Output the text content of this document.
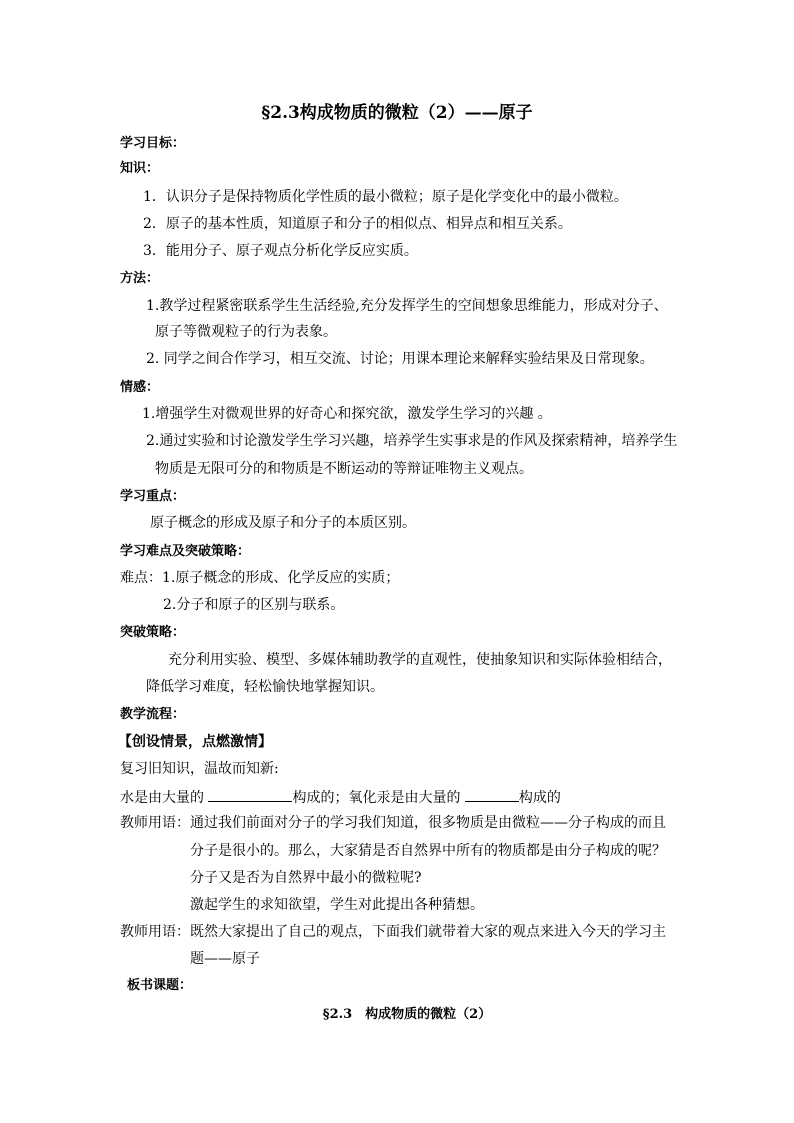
§2.3构成物质的微粒（2）——原子
学习目标：
知识：
1．认识分子是保持物质化学性质的最小微粒；原子是化学变化中的最小微粒。
2．原子的基本性质，知道原子和分子的相似点、相异点和相互关系。
3．能用分子、原子观点分析化学反应实质。
方法：
1.教学过程紧密联系学生生活经验,充分发挥学生的空间想象思维能力，形成对分子、
原子等微观粒子的行为表象。
2. 同学之间合作学习，相互交流、讨论；用课本理论来解释实验结果及日常现象。
情感：
1.增强学生对微观世界的好奇心和探究欲，激发学生学习的兴趣 。
2.通过实验和讨论激发学生学习兴趣，培养学生实事求是的作风及探索精神，培养学生
物质是无限可分的和物质是不断运动的等辩证唯物主义观点。
学习重点：
原子概念的形成及原子和分子的本质区别。
学习难点及突破策略：
难点：1.原子概念的形成、化学反应的实质；
2.分子和原子的区别与联系。
突破策略：
充分利用实验、模型、多媒体辅助教学的直观性，使抽象知识和实际体验相结合，
降低学习难度，轻松愉快地掌握知识。
教学流程：
【创设情景，点燃激情】
复习旧知识，温故而知新:
水是由大量的	构成的；氧化汞是由大量的	构成的
教师用语： 通过我们前面对分子的学习我们知道，很多物质是由微粒——分子构成的而且
分子是很小的。那么，大家猜是否自然界中所有的物质都是由分子构成的呢？
分子又是否为自然界中最小的微粒呢?
激起学生的求知欲望，学生对此提出各种猜想。
教师用语： 既然大家提出了自己的观点，下面我们就带着大家的观点来进入今天的学习主
题——原子
板书课题：
§2.3　构成物质的微粒（2）
